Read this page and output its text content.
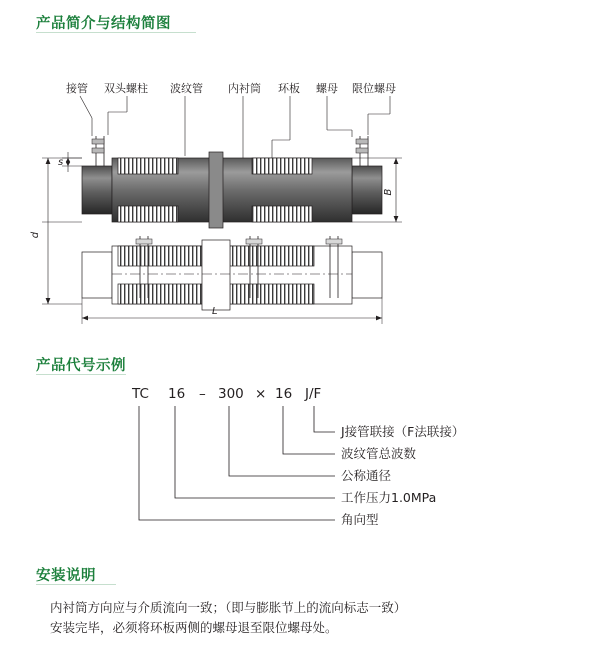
产品简介与结构简图
接管 双头螺柱 波纹管 内衬筒 环板 螺母 限位螺母
s
d
B
L
产品代号示例
TC 16 – 300 × 16 J/F
J接管联接（F法联接）
波纹管总波数
公称通径
工作压力1.0MPa
角向型
安装说明
内衬筒方向应与介质流向一致；（即与膨胀节上的流向标志一致）
安装完毕，必须将环板两侧的螺母退至限位螺母处。
